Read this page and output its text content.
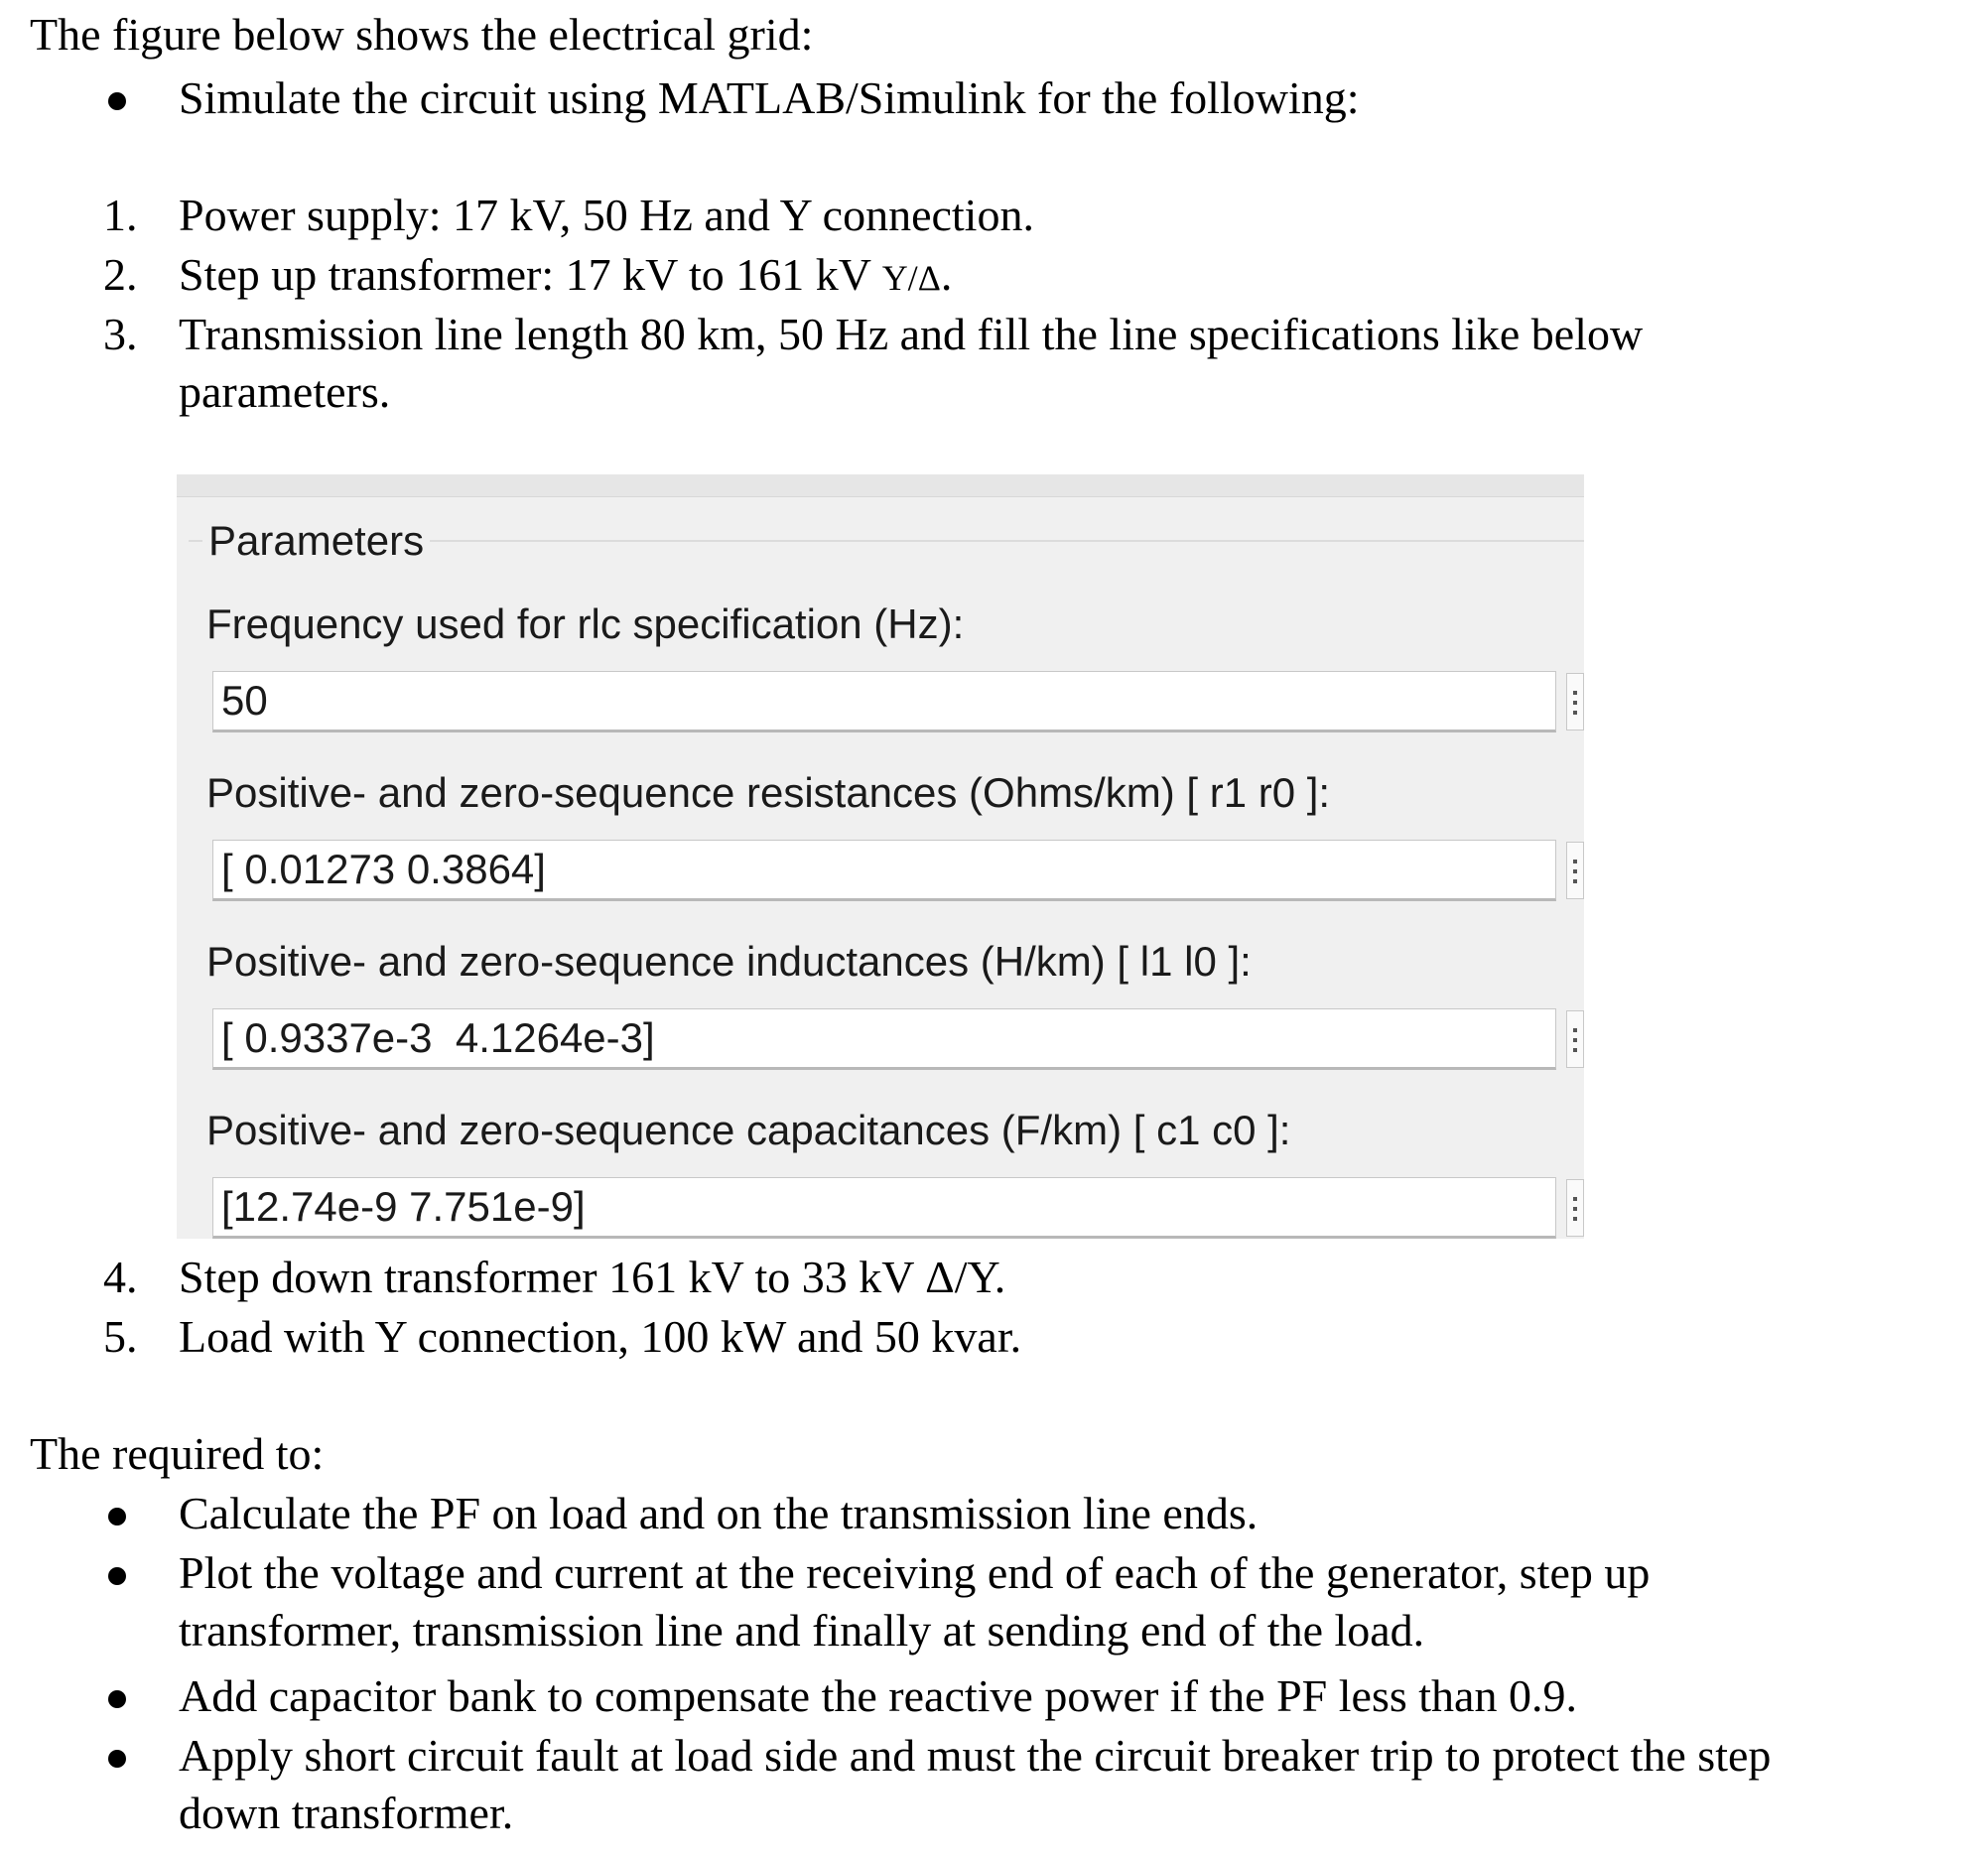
The figure below shows the electrical grid:
Simulate the circuit using MATLAB/Simulink for the following:
1. Power supply: 17 kV, 50 Hz and Y connection.
2. Step up transformer: 17 kV to 161 kV Y/Δ.
3. Transmission line length 80 km, 50 Hz and fill the line specifications like below
parameters.
Parameters
Frequency used for rlc specification (Hz):
50
Positive- and zero-sequence resistances (Ohms/km) [ r1 r0 ]:
[ 0.01273 0.3864]
Positive- and zero-sequence inductances (H/km) [ l1 l0 ]:
[ 0.9337e-3  4.1264e-3]
Positive- and zero-sequence capacitances (F/km) [ c1 c0 ]:
[12.74e-9 7.751e-9]
4. Step down transformer 161 kV to 33 kV Δ/Y.
5. Load with Y connection, 100 kW and 50 kvar.
The required to:
Calculate the PF on load and on the transmission line ends.
Plot the voltage and current at the receiving end of each of the generator, step up
transformer, transmission line and finally at sending end of the load.
Add capacitor bank to compensate the reactive power if the PF less than 0.9.
Apply short circuit fault at load side and must the circuit breaker trip to protect the step
down transformer.
